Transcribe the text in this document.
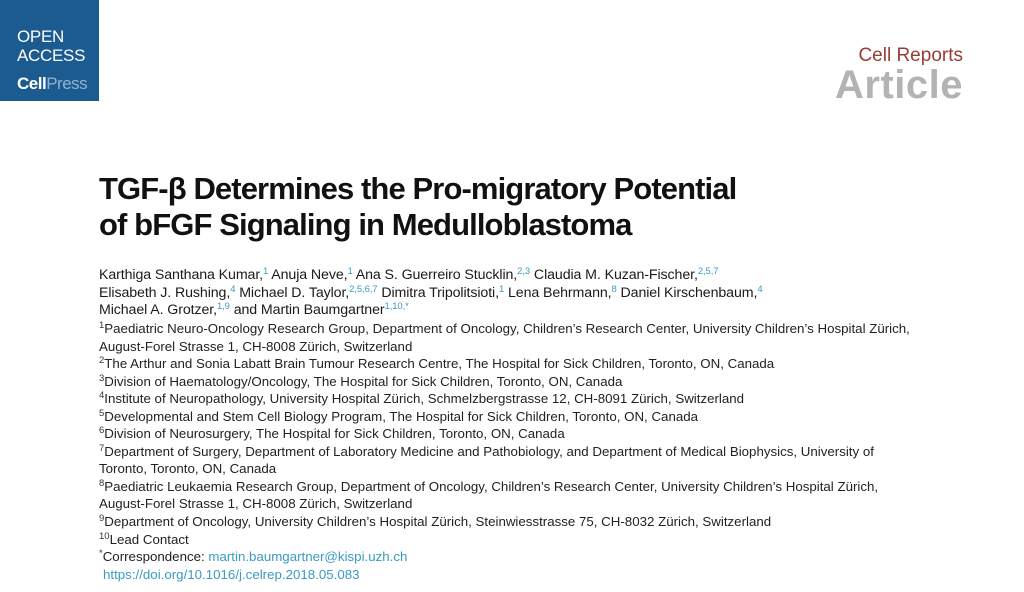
OPEN
ACCESS
CellPress
Cell Reports
Article
TGF-β Determines the Pro-migratory Potential
of bFGF Signaling in Medulloblastoma
Karthiga Santhana Kumar,$^1$ Anuja Neve,$^1$ Ana S. Guerreiro Stucklin,$^{2,3}$ Claudia M. Kuzan-Fischer,$^{2,5,7}$
Elisabeth J. Rushing,$^4$ Michael D. Taylor,$^{2,5,6,7}$ Dimitra Tripolitsioti,$^1$ Lena Behrmann,$^8$ Daniel Kirschenbaum,$^4$
Michael A. Grotzer,$^{1,9}$ and Martin Baumgartner$^{1,10,*}$
$^1$Paediatric Neuro-Oncology Research Group, Department of Oncology, Children’s Research Center, University Children’s Hospital Zürich,
August-Forel Strasse 1, CH-8008 Zürich, Switzerland
$^2$The Arthur and Sonia Labatt Brain Tumour Research Centre, The Hospital for Sick Children, Toronto, ON, Canada
$^3$Division of Haematology/Oncology, The Hospital for Sick Children, Toronto, ON, Canada
$^4$Institute of Neuropathology, University Hospital Zürich, Schmelzbergstrasse 12, CH-8091 Zürich, Switzerland
$^5$Developmental and Stem Cell Biology Program, The Hospital for Sick Children, Toronto, ON, Canada
$^6$Division of Neurosurgery, The Hospital for Sick Children, Toronto, ON, Canada
$^7$Department of Surgery, Department of Laboratory Medicine and Pathobiology, and Department of Medical Biophysics, University of
Toronto, Toronto, ON, Canada
$^8$Paediatric Leukaemia Research Group, Department of Oncology, Children’s Research Center, University Children’s Hospital Zürich,
August-Forel Strasse 1, CH-8008 Zürich, Switzerland
$^9$Department of Oncology, University Children’s Hospital Zürich, Steinwiesstrasse 75, CH-8032 Zürich, Switzerland
$^{10}$Lead Contact
*Correspondence: martin.baumgartner@kispi.uzh.ch
https://doi.org/10.1016/j.celrep.2018.05.083
